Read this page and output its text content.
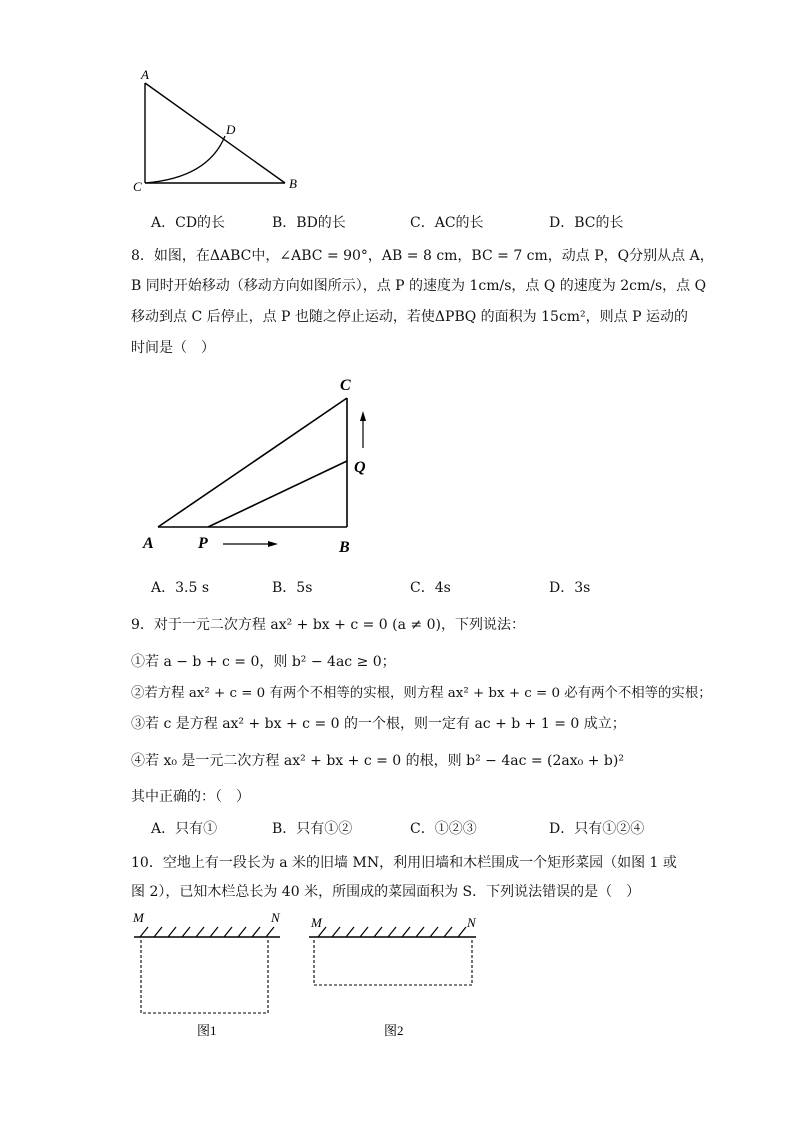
A
D
C	B
A．CD的长	B．BD的长	C．AC的长	D．BC的长
8．如图，在ΔABC中，∠ABC = 90°，AB = 8 cm，BC = 7 cm，动点 P，Q分别从点 A，
B 同时开始移动（移动方向如图所示），点 P 的速度为 1cm/s，点 Q 的速度为 2cm/s，点 Q
移动到点 C 后停止，点 P 也随之停止运动，若使ΔPBQ 的面积为 15cm²，则点 P 运动的
时间是（　）
C
Q
A	P	B
A．3.5 s	B．5s	C．4s	D．3s
9．对于一元二次方程 ax² + bx + c = 0 (a ≠ 0)，下列说法：
①若 a − b + c = 0，则 b² − 4ac ≥ 0；
②若方程 ax² + c = 0 有两个不相等的实根，则方程 ax² + bx + c = 0 必有两个不相等的实根；
③若 c 是方程 ax² + bx + c = 0 的一个根，则一定有 ac + b + 1 = 0 成立；
④若 x₀ 是一元二次方程 ax² + bx + c = 0 的根，则 b² − 4ac = (2ax₀ + b)²
其中正确的：（　）
A．只有①	B．只有①②	C．①②③	D．只有①②④
10．空地上有一段长为 a 米的旧墙 MN，利用旧墙和木栏围成一个矩形菜园（如图 1 或
图 2），已知木栏总长为 40 米，所围成的菜园面积为 S．下列说法错误的是（　）
M	N
图1
M	N
图2
